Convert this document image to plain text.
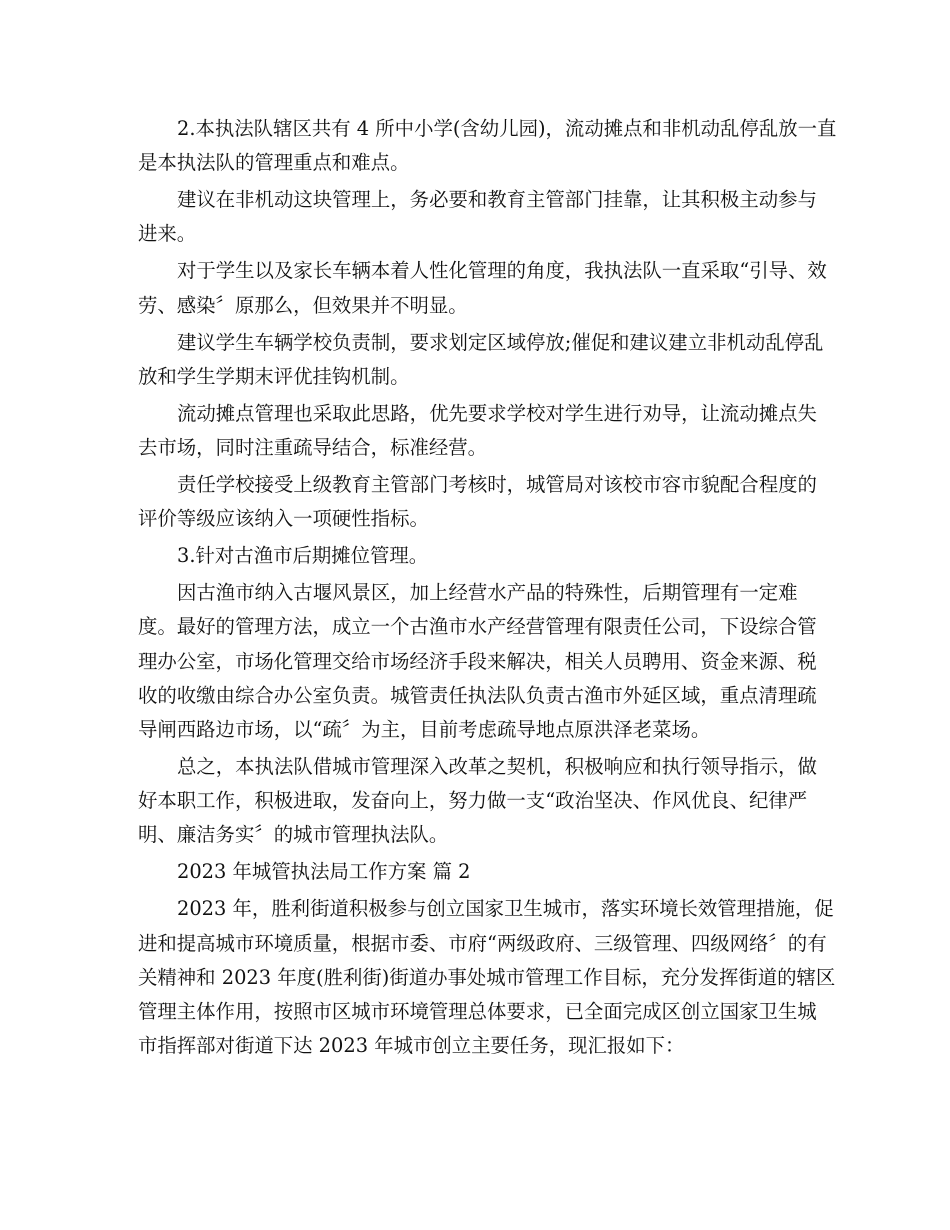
2.本执法队辖区共有 4 所中小学(含幼儿园)，流动摊点和非机动乱停乱放一直
是本执法队的管理重点和难点。
建议在非机动这块管理上，务必要和教育主管部门挂靠，让其积极主动参与
进来。
对于学生以及家长车辆本着人性化管理的角度，我执法队一直采取“引导、效
劳、感染〞原那么，但效果并不明显。
建议学生车辆学校负责制，要求划定区域停放;催促和建议建立非机动乱停乱
放和学生学期末评优挂钩机制。
流动摊点管理也采取此思路，优先要求学校对学生进行劝导，让流动摊点失
去市场，同时注重疏导结合，标准经营。
责任学校接受上级教育主管部门考核时，城管局对该校市容市貌配合程度的
评价等级应该纳入一项硬性指标。
3.针对古渔市后期摊位管理。
因古渔市纳入古堰风景区，加上经营水产品的特殊性，后期管理有一定难
度。最好的管理方法，成立一个古渔市水产经营管理有限责任公司，下设综合管
理办公室，市场化管理交给市场经济手段来解决，相关人员聘用、资金来源、税
收的收缴由综合办公室负责。城管责任执法队负责古渔市外延区域，重点清理疏
导闸西路边市场，以“疏〞为主，目前考虑疏导地点原洪泽老菜场。
总之，本执法队借城市管理深入改革之契机，积极响应和执行领导指示，做
好本职工作，积极进取，发奋向上，努力做一支“政治坚决、作风优良、纪律严
明、廉洁务实〞的城市管理执法队。
2023 年城管执法局工作方案 篇 2
2023 年，胜利街道积极参与创立国家卫生城市，落实环境长效管理措施，促
进和提高城市环境质量，根据市委、市府“两级政府、三级管理、四级网络〞的有
关精神和 2023 年度(胜利街)街道办事处城市管理工作目标，充分发挥街道的辖区
管理主体作用，按照市区城市环境管理总体要求，已全面完成区创立国家卫生城
市指挥部对街道下达 2023 年城市创立主要任务，现汇报如下：
